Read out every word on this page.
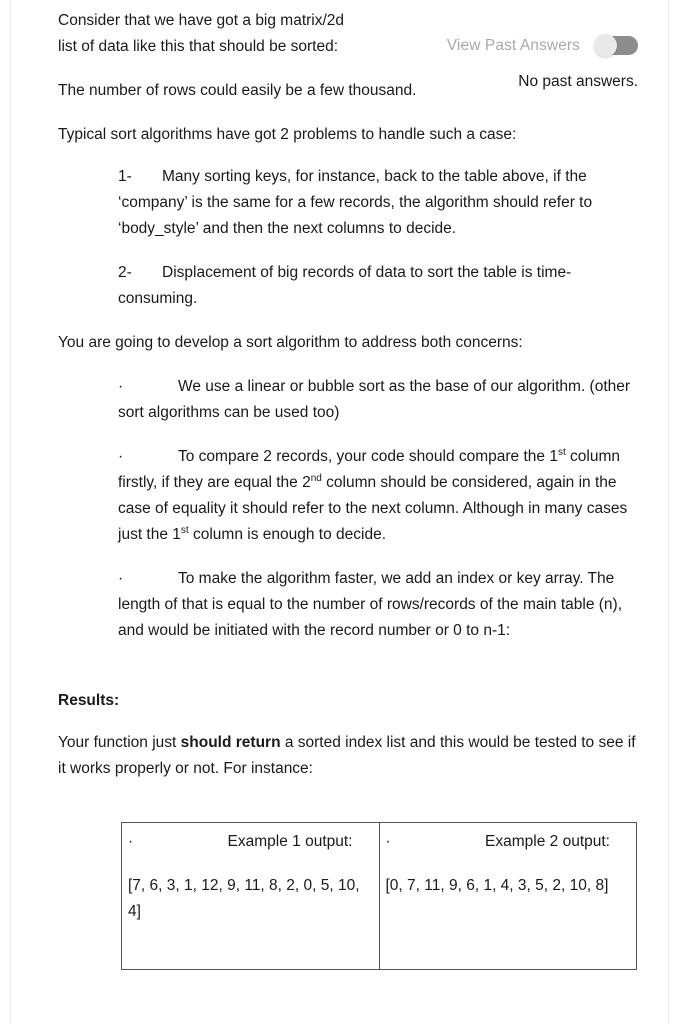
View Past Answers
No past answers.

Consider that we have got a big matrix/2d list of data like this that should be sorted:

The number of rows could easily be a few thousand.

Typical sort algorithms have got 2 problems to handle such a case:

1- Many sorting keys, for instance, back to the table above, if the ‘company’ is the same for a few records, the algorithm should refer to ‘body_style’ and then the next columns to decide.

2- Displacement of big records of data to sort the table is time-consuming.

You are going to develop a sort algorithm to address both concerns:

·	We use a linear or bubble sort as the base of our algorithm. (other sort algorithms can be used too)

·	To compare 2 records, your code should compare the 1st column firstly, if they are equal the 2nd column should be considered, again in the case of equality it should refer to the next column. Although in many cases just the 1st column is enough to decide.

·	To make the algorithm faster, we add an index or key array. The length of that is equal to the number of rows/records of the main table (n), and would be initiated with the record number or 0 to n-1:

Results:

Your function just should return a sorted index list and this would be tested to see if it works properly or not. For instance:

·	Example 1 output:
[7, 6, 3, 1, 12, 9, 11, 8, 2, 0, 5, 10, 4]

·	Example 2 output:
[0, 7, 11, 9, 6, 1, 4, 3, 5, 2, 10, 8]
